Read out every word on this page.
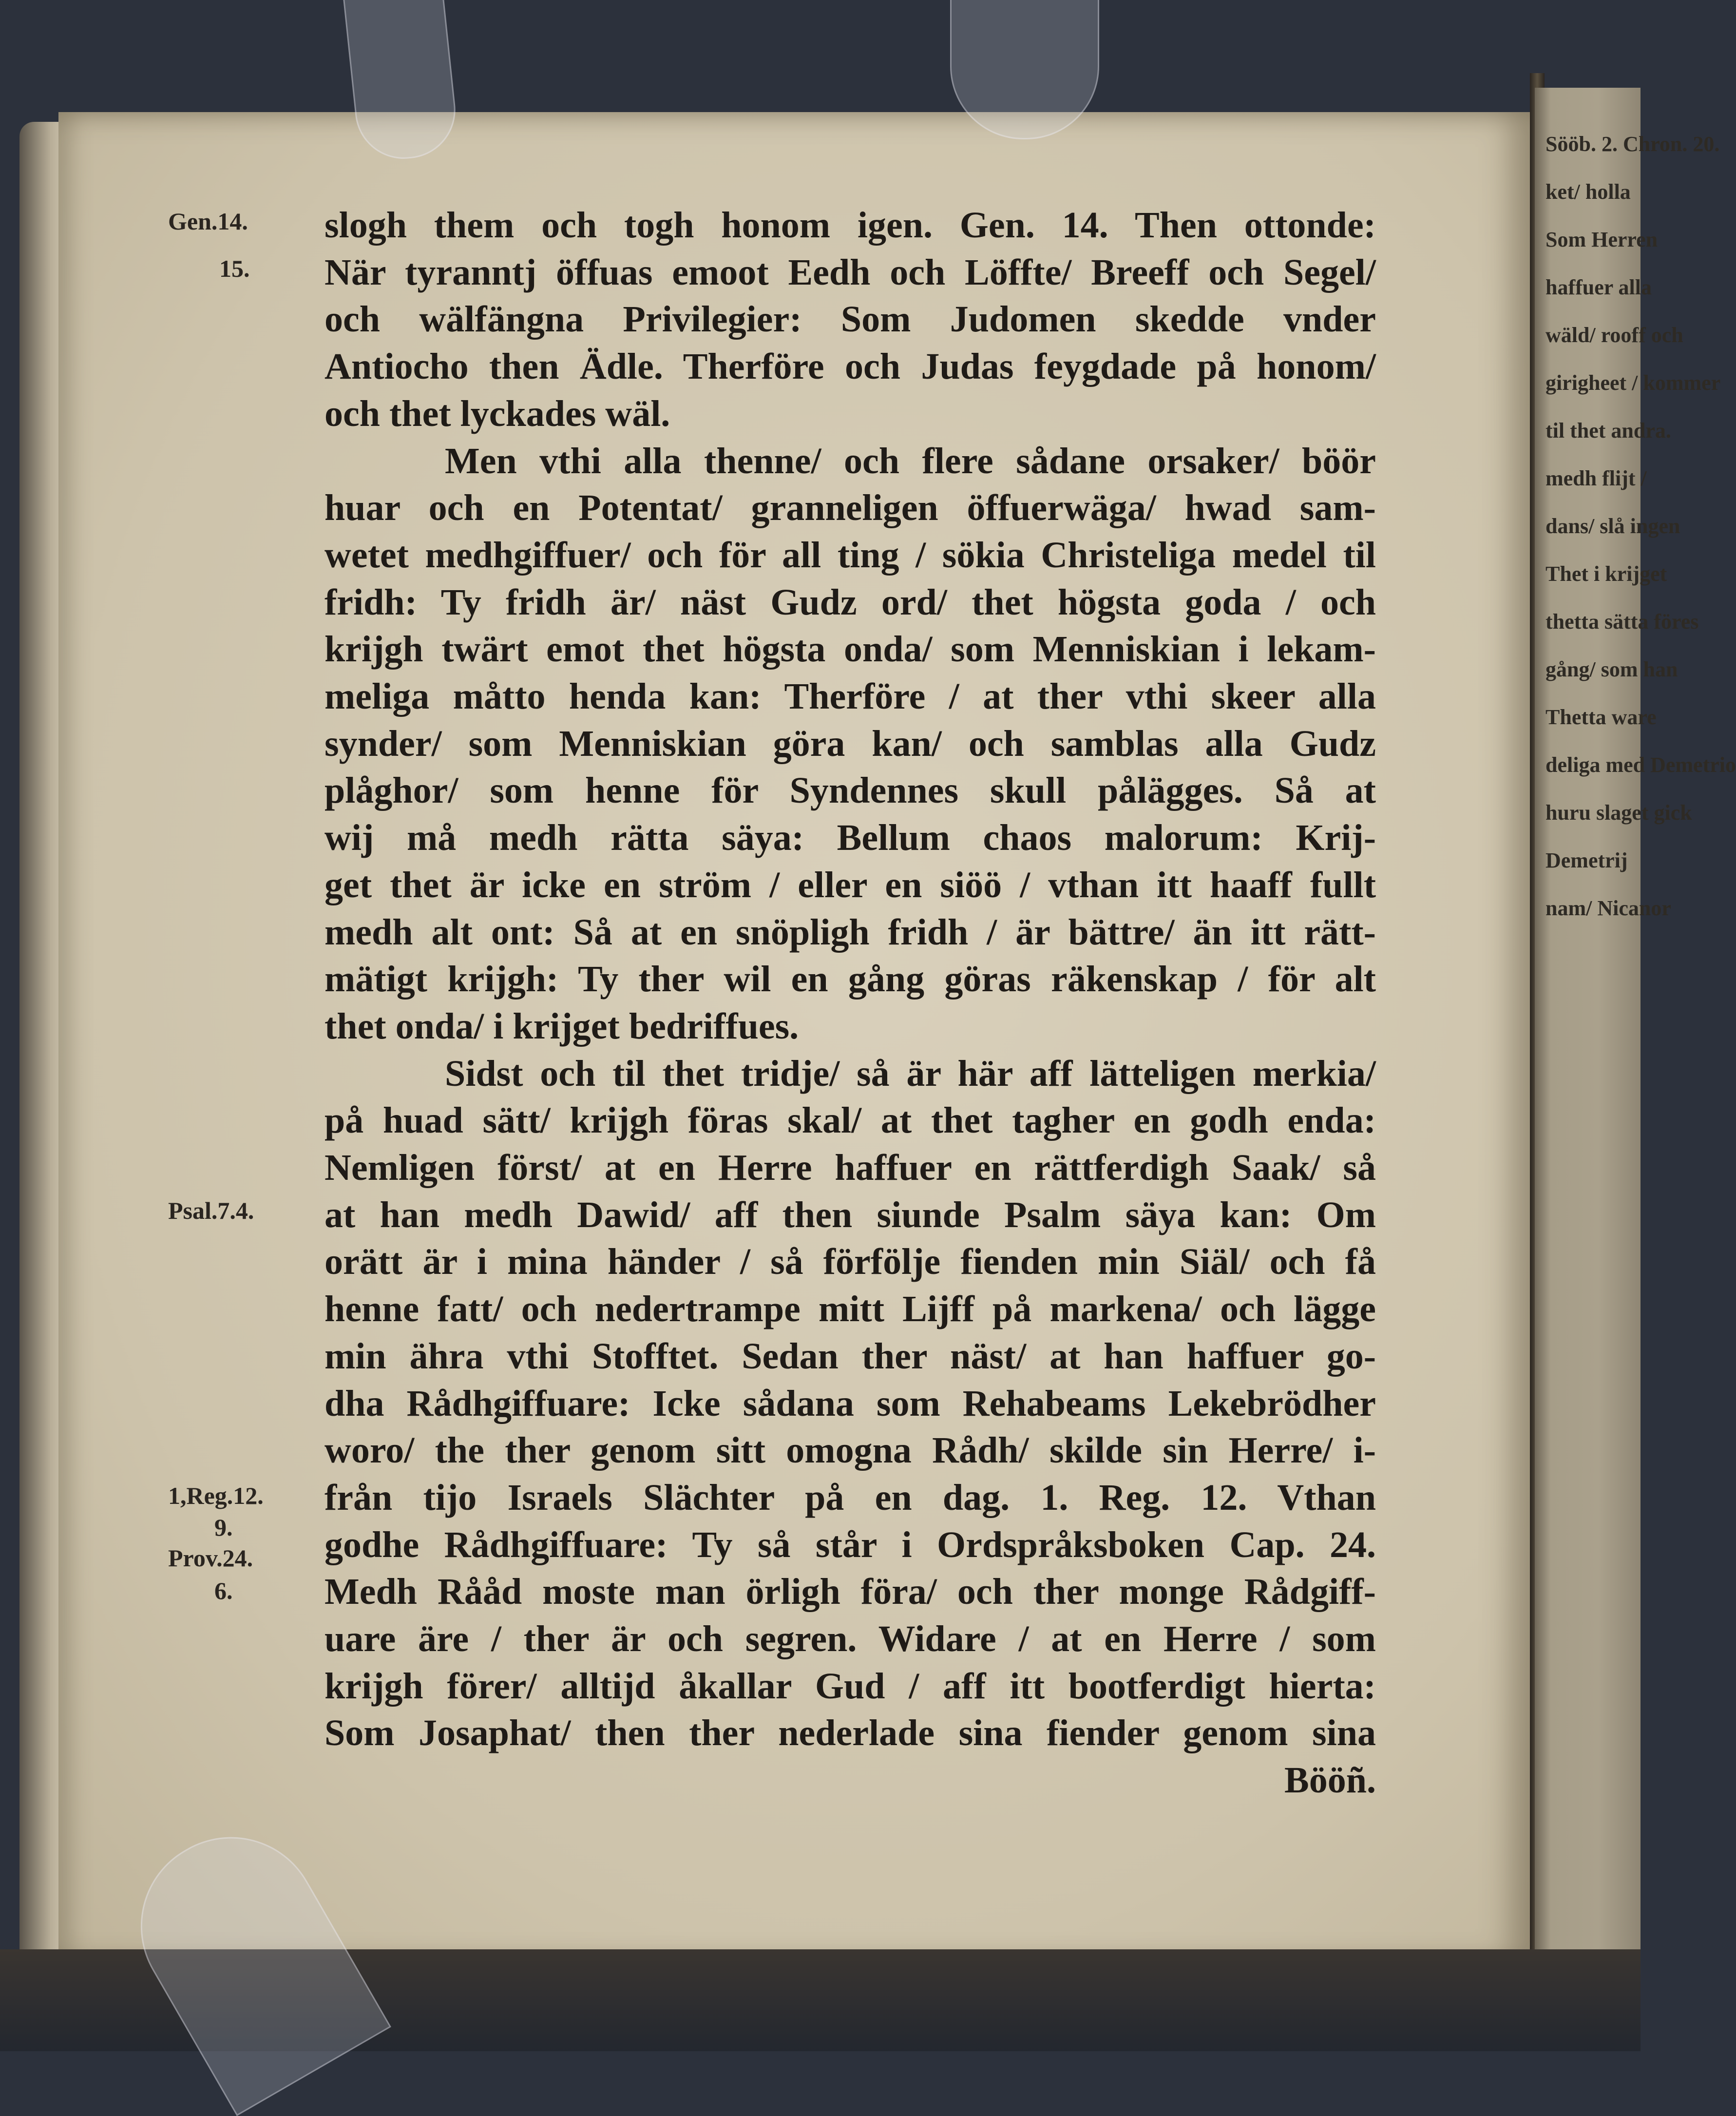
Sööb. 2. Chron. 20.
ket/ holla
Som Herren
haffuer alla
wäld/ rooff och
girigheet / kommer
til thet andra.
medh flijt /
dans/ slå ingen
Thet i krijget
thetta sätta föres
gång/ som han
Thetta ware
deliga med Demetrio
huru slaget gick
Demetrij
nam/ Nicanor
slogh them och togh honom igen. Gen. 14. Then ottonde:
När tyranntj öffuas emoot Eedh och Löffte/ Breeff och Segel/
och wälfängna Privilegier: Som Judomen skedde vnder
Antiocho then Ädle. Therföre och Judas feygdade på honom/
och thet lyckades wäl.
Men vthi alla thenne/ och flere sådane orsaker/ böör
huar och en Potentat/ granneligen öffuerwäga/ hwad sam-
wetet medhgiffuer/ och för all ting / sökia Christeliga medel til
fridh: Ty fridh är/ näst Gudz ord/ thet högsta goda / och
krijgh twärt emot thet högsta onda/ som Menniskian i lekam-
meliga måtto henda kan: Therföre / at ther vthi skeer alla
synder/ som Menniskian göra kan/ och samblas alla Gudz
plåghor/ som henne för Syndennes skull pålägges. Så at
wij må medh rätta säya: Bellum chaos malorum: Krij-
get thet är icke en ström / eller en siöö / vthan itt haaff fullt
medh alt ont: Så at en snöpligh fridh / är bättre/ än itt rätt-
mätigt krijgh: Ty ther wil en gång göras räkenskap / för alt
thet onda/ i krijget bedriffues.
Sidst och til thet tridje/ så är här aff lätteligen merkia/
på huad sätt/ krijgh föras skal/ at thet tagher en godh enda:
Nemligen först/ at en Herre haffuer en rättferdigh Saak/ så
at han medh Dawid/ aff then siunde Psalm säya kan: Om
orätt är i mina händer / så förfölje fienden min Siäl/ och få
henne fatt/ och nedertrampe mitt Lijff på markena/ och lägge
min ähra vthi Stofftet. Sedan ther näst/ at han haffuer go-
dha Rådhgiffuare: Icke sådana som Rehabeams Lekebrödher
woro/ the ther genom sitt omogna Rådh/ skilde sin Herre/ i-
från tijo Israels Slächter på en dag. 1. Reg. 12. Vthan
godhe Rådhgiffuare: Ty så står i Ordspråksboken Cap. 24.
Medh Rååd moste man örligh föra/ och ther monge Rådgiff-
uare äre / ther är och segren. Widare / at en Herre / som
krijgh förer/ alltijd åkallar Gud / aff itt bootferdigt hierta:
Som Josaphat/ then ther nederlade sina fiender genom sina
Bööñ.
Gen.14.
15.
Psal.7.4.
1,Reg.12.
9.
Prov.24.
6.
